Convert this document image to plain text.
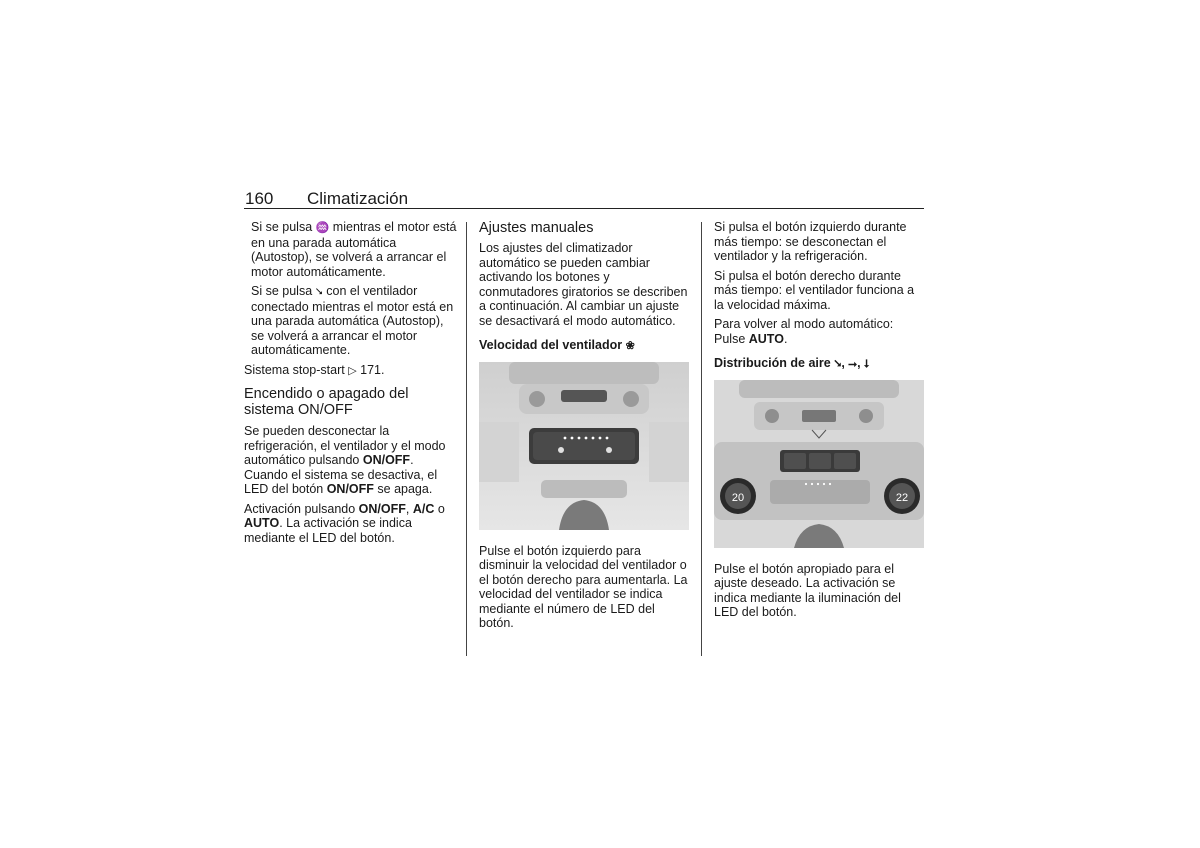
160 Climatización

Si se pulsa ♒ mientras el motor está en una parada automática (Autostop), se volverá a arrancar el motor automáticamente.

Si se pulsa ⭨ con el ventilador conectado mientras el motor está en una parada automática (Autostop), se volverá a arrancar el motor automáticamente.

Sistema stop-start ▷ 171.

Encendido o apagado del sistema ON/OFF

Se pueden desconectar la refrigeración, el ventilador y el modo automático pulsando ON/OFF. Cuando el sistema se desactiva, el LED del botón ON/OFF se apaga.

Activación pulsando ON/OFF, A/C o AUTO. La activación se indica mediante el LED del botón.

Ajustes manuales

Los ajustes del climatizador automático se pueden cambiar activando los botones y conmutadores giratorios se describen a continuación. Al cambiar un ajuste se desactivará el modo automático.

Velocidad del ventilador ❀

Pulse el botón izquierdo para disminuir la velocidad del ventilador o el botón derecho para aumentarla. La velocidad del ventilador se indica mediante el número de LED del botón.

Si pulsa el botón izquierdo durante más tiempo: se desconectan el ventilador y la refrigeración.

Si pulsa el botón derecho durante más tiempo: el ventilador funciona a la velocidad máxima.

Para volver al modo automático: Pulse AUTO.

Distribución de aire ⭨, ⭢, ⭣
20	22

Pulse el botón apropiado para el ajuste deseado. La activación se indica mediante la iluminación del LED del botón.
